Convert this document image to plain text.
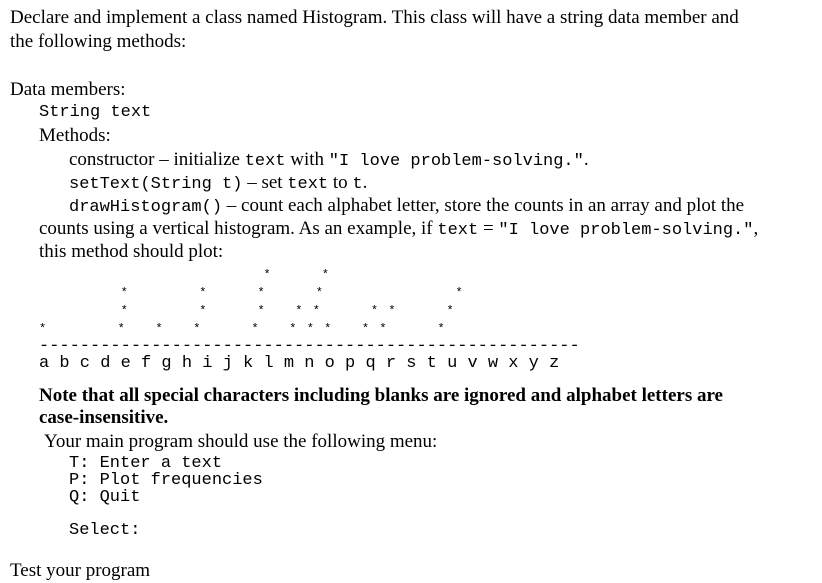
Declare and implement a class named Histogram. This class will have a string data member and
the following methods:
Data members:
String text
Methods:
constructor – initialize text with "I love problem-solving.".
setText(String t) – set text to t.
drawHistogram() – count each alphabet letter, store the counts in an array and plot the
counts using a vertical histogram. As an example, if text = "I love problem-solving.",
this method should plot:
*	*
*	*	*	*	*
*	*	*	* *	* *	*
*	*	*	*	*	* * *	* *	*
-----------------------------------------------------
a b c d e f g h i j k l m n o p q r s t u v w x y z
Note that all special characters including blanks are ignored and alphabet letters are
case-insensitive.
Your main program should use the following menu:
T: Enter a text
P: Plot frequencies
Q: Quit
Select:
Test your program
